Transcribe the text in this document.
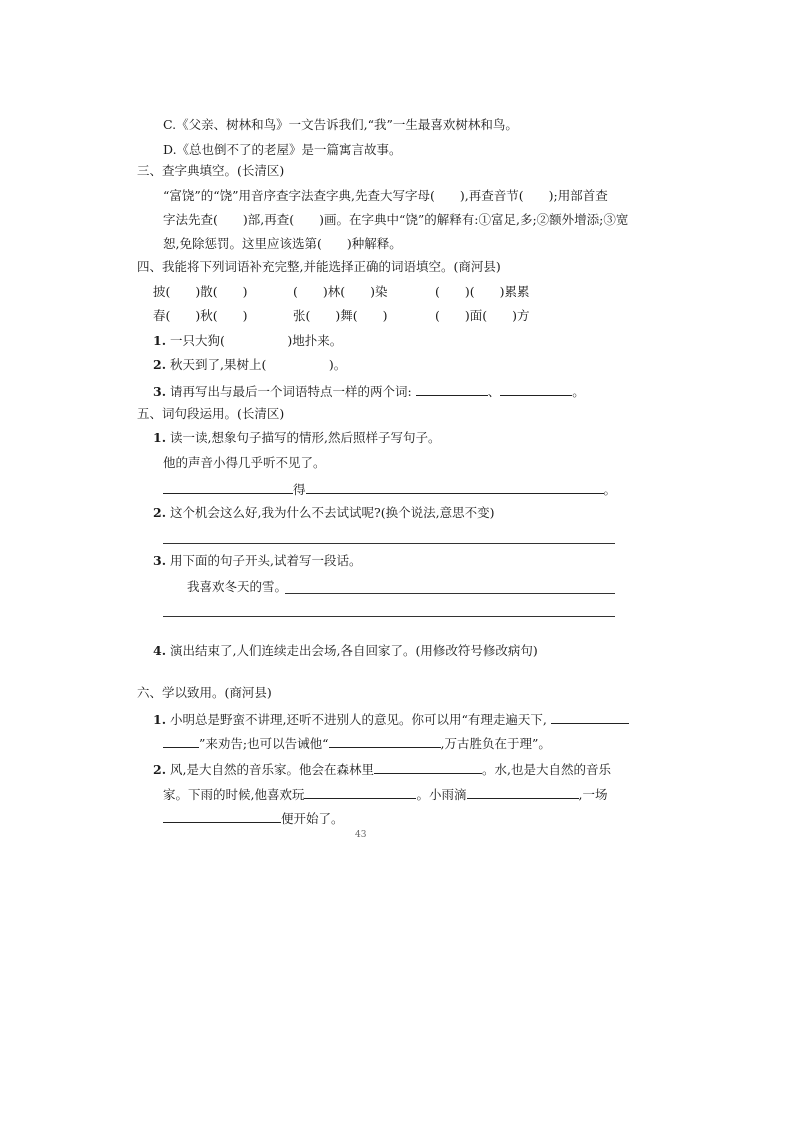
C.《父亲、树林和鸟》一文告诉我们,“我”一生最喜欢树林和鸟。
D.《总也倒不了的老屋》是一篇寓言故事。
三、查字典填空。(长清区)
“富饶”的“饶”用音序查字法查字典,先查大写字母(　　),再查音节(　　);用部首查
字法先查(　　)部,再查(　　)画。在字典中“饶”的解释有:①富足,多;②额外增添;③宽
恕,免除惩罚。这里应该选第(　　)种解释。
四、我能将下列词语补充完整,并能选择正确的词语填空。(商河县)
披(　　)散(　　)	(　　)林(　　)染	(　　)(　　)累累
春(　　)秋(　　)	张(　　)舞(　　)	(　　)面(　　)方
1. 一只大狗(　　　　　)地扑来。
2. 秋天到了,果树上(　　　　　)。
3. 请再写出与最后一个词语特点一样的两个词:	、	。
五、词句段运用。(长清区)
1. 读一读,想象句子描写的情形,然后照样子写句子。
他的声音小得几乎听不见了。
得	。
2. 这个机会这么好,我为什么不去试试呢?(换个说法,意思不变)
3. 用下面的句子开头,试着写一段话。
我喜欢冬天的雪。
4. 演出结束了,人们连续走出会场,各自回家了。(用修改符号修改病句)
六、学以致用。(商河县)
1. 小明总是野蛮不讲理,还听不进别人的意见。你可以用“有理走遍天下,
”来劝告;也可以告诫他“	,万古胜负在于理”。
2. 风,是大自然的音乐家。他会在森林里	。水,也是大自然的音乐
家。下雨的时候,他喜欢玩	。小雨滴	,一场
便开始了。
43
